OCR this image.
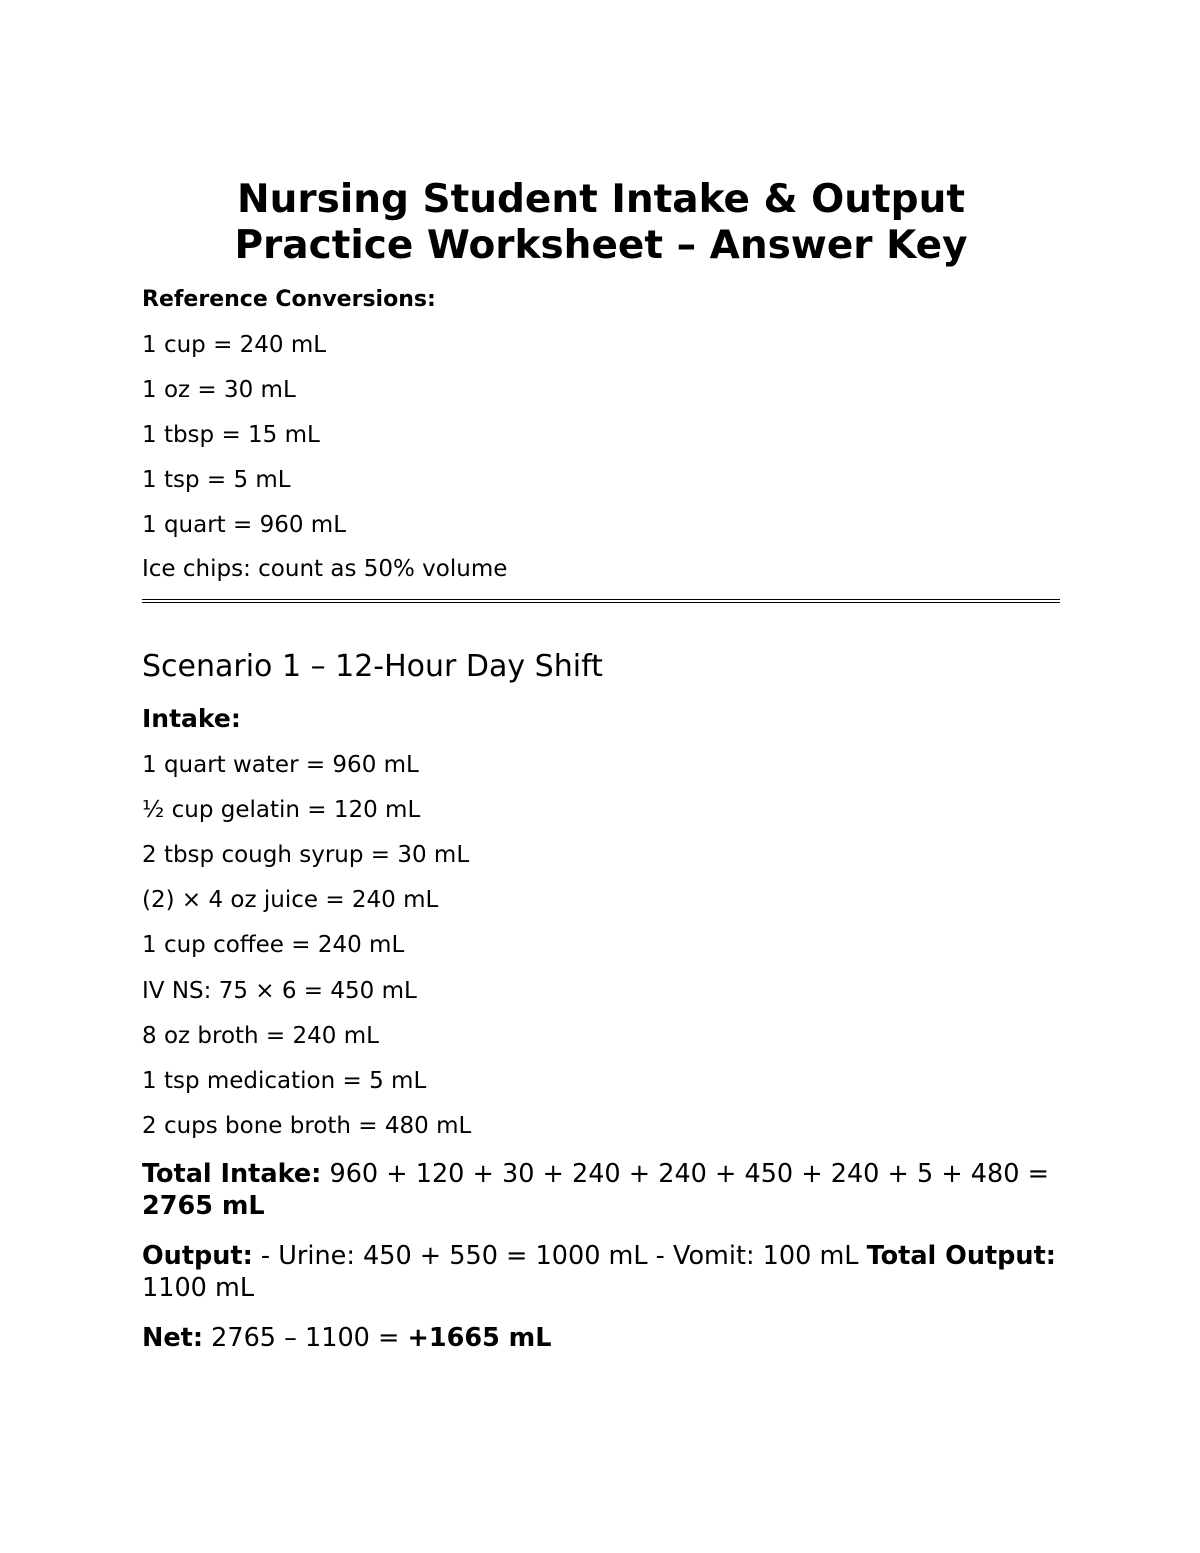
Nursing Student Intake & Output
Practice Worksheet – Answer Key

Reference Conversions:

1 cup = 240 mL

1 oz = 30 mL

1 tbsp = 15 mL

1 tsp = 5 mL

1 quart = 960 mL

Ice chips: count as 50% volume

Scenario 1 – 12-Hour Day Shift

Intake:

1 quart water = 960 mL

½ cup gelatin = 120 mL

2 tbsp cough syrup = 30 mL

(2) × 4 oz juice = 240 mL

1 cup coffee = 240 mL

IV NS: 75 × 6 = 450 mL

8 oz broth = 240 mL

1 tsp medication = 5 mL

2 cups bone broth = 480 mL

Total Intake: 960 + 120 + 30 + 240 + 240 + 450 + 240 + 5 + 480 = 2765 mL

Output: - Urine: 450 + 550 = 1000 mL - Vomit: 100 mL Total Output: 1100 mL

Net: 2765 – 1100 = +1665 mL
